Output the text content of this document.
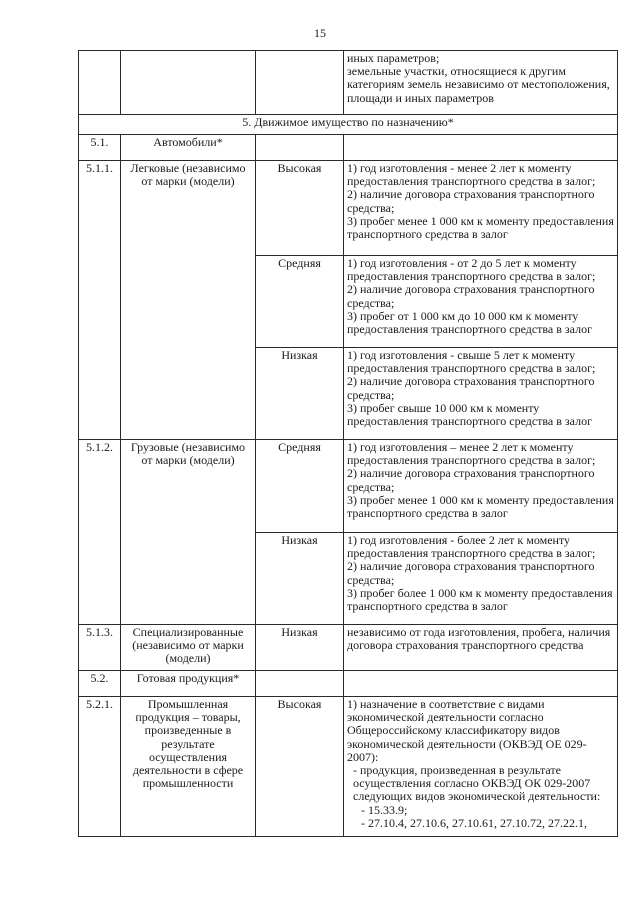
15
			иных параметров;
земельные участки, относящиеся к другим категориям земель независимо от местоположения, площади и иных параметров
5. Движимое имущество по назначению*			
5.1.	Автомобили*		
5.1.1.	Легковые (независимо от марки (модели)	Высокая	1) год изготовления - менее 2 лет к моменту предоставления транспортного средства в залог;
2) наличие договора страхования транспортного средства;
3) пробег менее 1 000 км к моменту предоставления транспортного средства в залог

		Средняя	1) год изготовления - от 2 до 5 лет к моменту предоставления транспортного средства в залог;
2) наличие договора страхования транспортного средства;
3) пробег от 1 000 км до 10 000 км к моменту предоставления транспортного средства в залог

		Низкая	1) год изготовления - свыше 5 лет к моменту предоставления транспортного средства в залог;
2) наличие договора страхования транспортного средства;
3) пробег свыше 10 000 км к моменту предоставления транспортного средства в залог

5.1.2.	Грузовые (независимо от марки (модели)	Средняя	1) год изготовления – менее 2 лет к моменту предоставления транспортного средства в залог;
2) наличие договора страхования транспортного средства;
3) пробег менее 1 000 км к моменту предоставления транспортного средства в залог

		Низкая	1) год изготовления - более 2 лет к моменту предоставления транспортного средства в залог;
2) наличие договора страхования транспортного средства;
3) пробег более 1 000 км к моменту предоставления транспортного средства в залог

5.1.3.	Специализированные (независимо от марки (модели)	Низкая	независимо от года изготовления, пробега, наличия договора страхования транспортного средства
5.2.	Готовая продукция*		
5.2.1.	Промышленная продукция – товары, произведенные в результате осуществления деятельности в сфере промышленности	Высокая	1) назначение в соответствие с видами экономической деятельности согласно Общероссийскому классификатору видов экономической деятельности (ОКВЭД ОЕ 029-2007):
- продукция, произведенная в результате осуществления согласно ОКВЭД ОК 029-2007 следующих видов экономической деятельности:
- 15.33.9;
- 27.10.4, 27.10.6, 27.10.61, 27.10.72, 27.22.1,
